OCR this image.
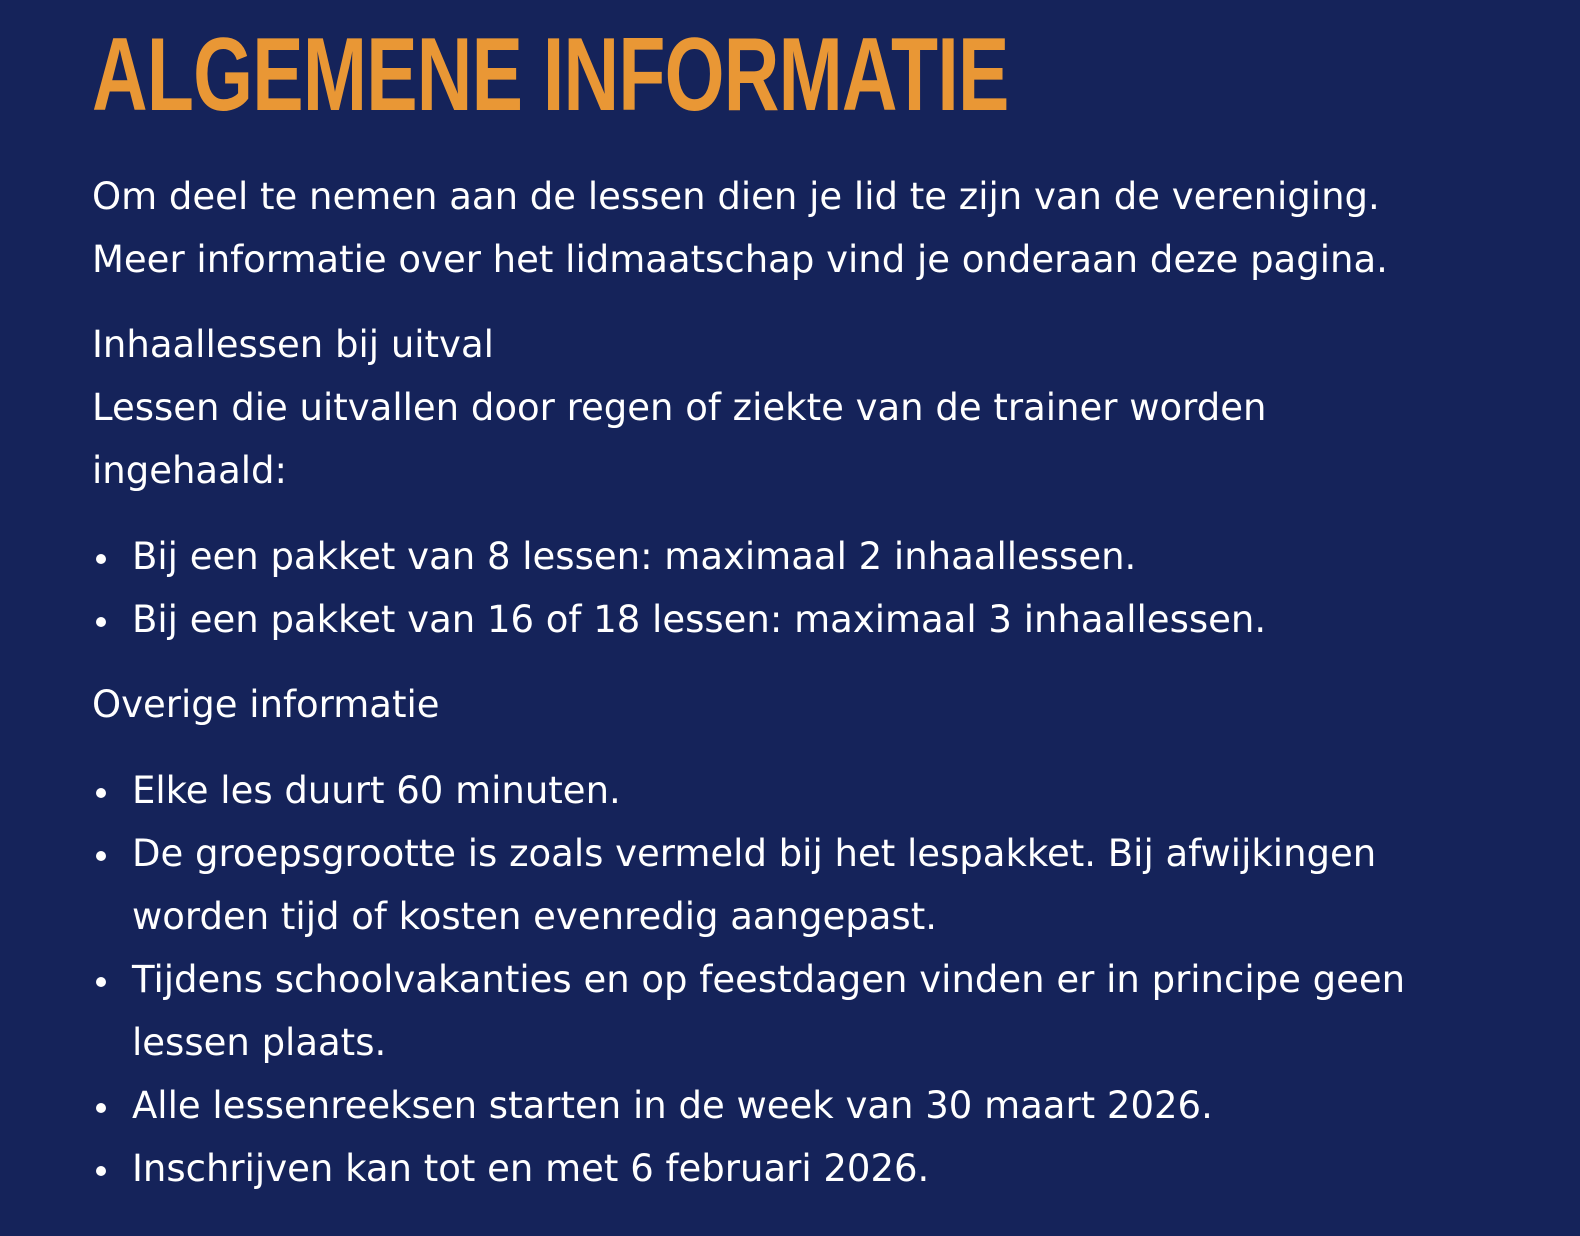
ALGEMENE INFORMATIE
Om deel te nemen aan de lessen dien je lid te zijn van de vereniging.
Meer informatie over het lidmaatschap vind je onderaan deze pagina.
Inhaallessen bij uitval
Lessen die uitvallen door regen of ziekte van de trainer worden ingehaald:
Bij een pakket van 8 lessen: maximaal 2 inhaallessen.
Bij een pakket van 16 of 18 lessen: maximaal 3 inhaallessen.
Overige informatie
Elke les duurt 60 minuten.
De groepsgrootte is zoals vermeld bij het lespakket. Bij afwijkingen worden tijd of kosten evenredig aangepast.
Tijdens schoolvakanties en op feestdagen vinden er in principe geen lessen plaats.
Alle lessenreeksen starten in de week van 30 maart 2026.
Inschrijven kan tot en met 6 februari 2026.
